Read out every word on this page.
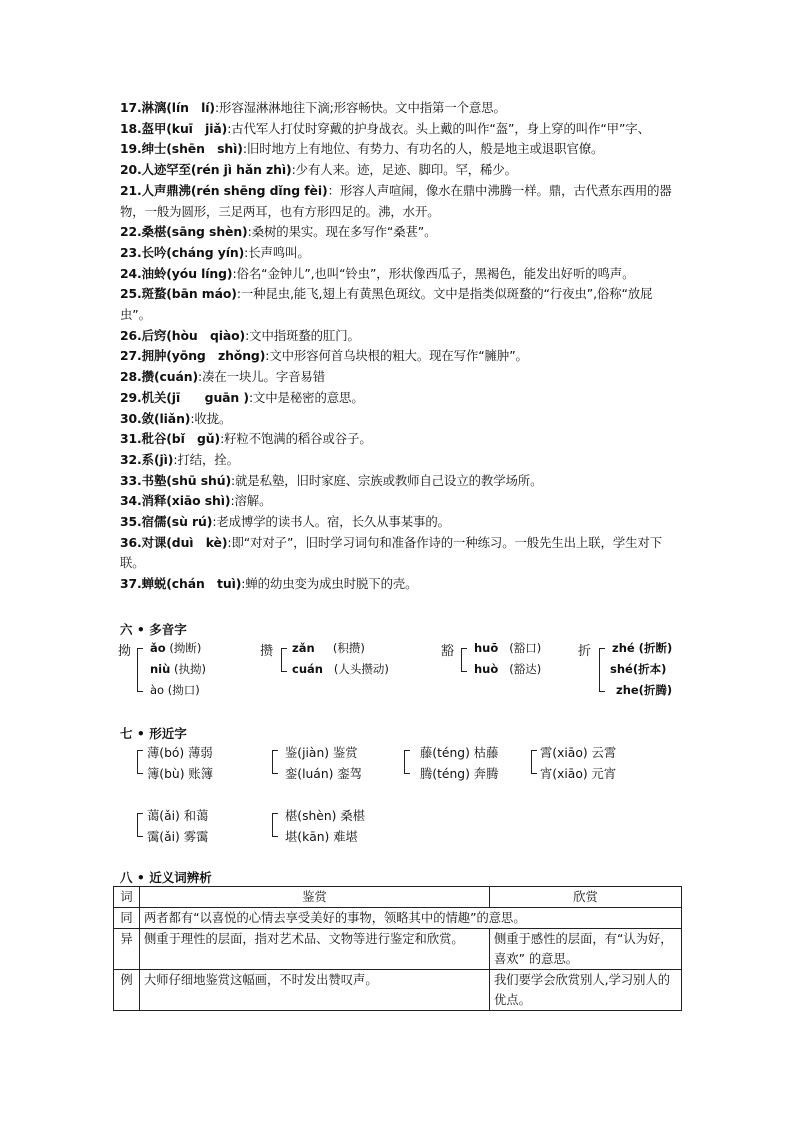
17.淋漓(lín　lí):形容湿淋淋地往下滴;形容畅快。文中指第一个意思。
18.盔甲(kuī　jiǎ):古代军人打仗时穿戴的护身战衣。头上戴的叫作“盔”，身上穿的叫作“甲”字、
19.绅士(shēn　shì):旧时地方上有地位、有势力、有功名的人，般是地主或退职官僚。
20.人迹罕至(rén jì hǎn zhì):少有人来。迹，足迹、脚印。罕，稀少。
21.人声鼎沸(rén shēng dǐng fèi)：形容人声喧闹，像水在鼎中沸腾一样。鼎，古代煮东西用的器物，一般为圆形，三足两耳，也有方形四足的。沸，水开。
22.桑椹(sāng shèn):桑树的果实。现在多写作“桑葚”。
23.长吟(cháng yín):长声鸣叫。
24.油蛉(yóu líng):俗名“金钟儿”,也叫“铃虫”，形状像西瓜子，黑褐色，能发出好听的鸣声。
25.斑蝥(bān máo):一种昆虫,能飞,翅上有黄黑色斑纹。文中是指类似斑蝥的“行夜虫”,俗称“放屁虫”。
26.后窍(hòu　qiào):文中指斑蝥的肛门。
27.拥肿(yōng　zhǒng):文中形容何首乌块根的粗大。现在写作“臃肿”。
28.攒(cuán):凑在一块儿。字音易错
29.机关(jī　　guān ):文中是秘密的意思。
30.敛(liǎn):收拢。
31.秕谷(bǐ　gǔ):籽粒不饱满的稻谷或谷子。
32.系(jì):打结，拴。
33.书塾(shū shú):就是私塾，旧时家庭、宗族或教师自己设立的教学场所。
34.消释(xiāo shì):溶解。
35.宿儒(sù rú):老成博学的读书人。宿，长久从事某事的。
36.对课(duì　kè):即“对对子”，旧时学习词句和准备作诗的一种练习。一般先生出上联，学生对下联。
37.蝉蜕(chán　tuì):蝉的幼虫变为成虫时脱下的壳。
六 • 多音字
拗 ǎo (拗断)
niù (执拗)
ào (拗口)
攒 zǎn (积攒)
cuán (人头攒动)
豁 huō (豁口)
huò (豁达)
折 zhé (折断)
shé(折本)
zhe(折腾)
七 • 形近字
薄(bó) 薄弱
簿(bù) 账簿
鉴(jiàn) 鉴赏
銮(luán) 銮驾
藤(téng) 枯藤
腾(téng) 奔腾
霄(xiāo) 云霄
宵(xiāo) 元宵
蔼(ǎi) 和蔼
霭(ǎi) 雾霭
椹(shèn) 桑椹
堪(kān) 难堪
八 • 近义词辨析
词	鉴赏	欣赏
同	两者都有“以喜悦的心情去享受美好的事物，领略其中的情趣”的意思。	
异	侧重于理性的层面，指对艺术品、文物等进行鉴定和欣赏。	侧重于感性的层面，有“认为好，喜欢” 的意思。
例	大师仔细地鉴赏这幅画，不时发出赞叹声。	我们要学会欣赏别人,学习别人的优点。
